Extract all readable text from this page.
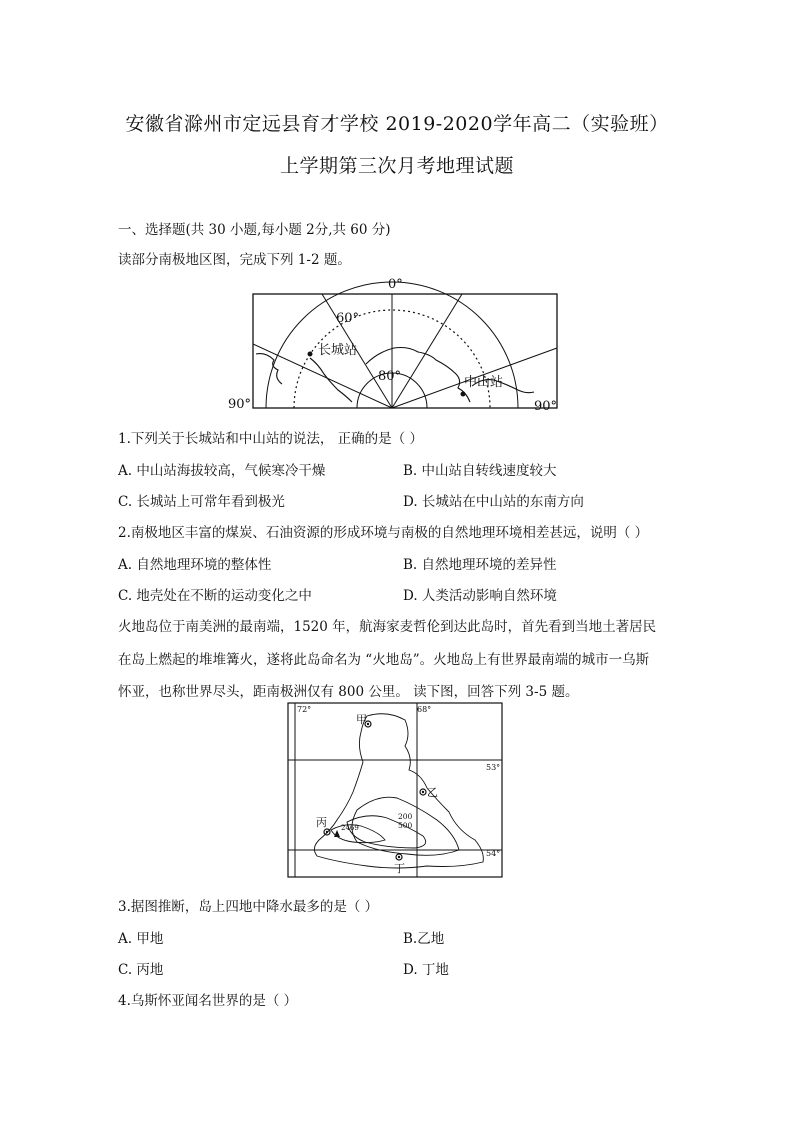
安徽省滁州市定远县育才学校 2019-2020学年高二（实验班）
上学期第三次月考地理试题
一、选择题(共 30 小题,每小题 2分,共 60 分)
读部分南极地区图，完成下列 1-2 题。
0°
60°
80°
90°	90°
长城站
中山站
1.下列关于长城站和中山站的说法， 正确的是（ ）
A. 中山站海拔较高，气候寒冷干燥	B. 中山站自转线速度较大
C. 长城站上可常年看到极光	D. 长城站在中山站的东南方向
2.南极地区丰富的煤炭、石油资源的形成环境与南极的自然地理环境相差甚远，说明（ ）
A. 自然地理环境的整体性	B. 自然地理环境的差异性
C. 地壳处在不断的运动变化之中	D. 人类活动影响自然环境
火地岛位于南美洲的最南端，1520 年，航海家麦哲伦到达此岛时，首先看到当地土著居民
在岛上燃起的堆堆篝火，遂将此岛命名为 “火地岛”。火地岛上有世界最南端的城市一乌斯
怀亚，也称世界尽头，距南极洲仅有 800 公里。 读下图，回答下列 3-5 题。
72°	68°
53°
54°
甲
乙
丙
丁
200
500
2469
3.据图推断，岛上四地中降水最多的是（ ）
A. 甲地	B.乙地
C. 丙地	D. 丁地
4.乌斯怀亚闻名世界的是（ ）
